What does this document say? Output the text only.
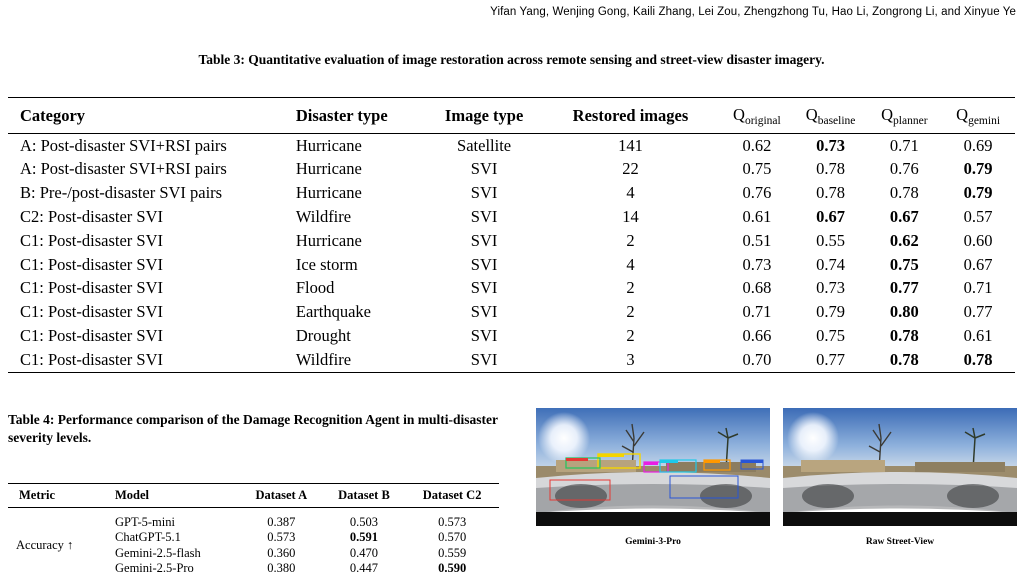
Yifan Yang, Wenjing Gong, Kaili Zhang, Lei Zou, Zhengzhong Tu, Hao Li, Zongrong Li, and Xinyue Ye
Table 3: Quantitative evaluation of image restoration across remote sensing and street-view disaster imagery.
Category	Disaster type	Image type	Restored images	$Q_{original}$	$Q_{baseline}$	$Q_{planner}$	$Q_{gemini}$
A: Post-disaster SVI+RSI pairs	Hurricane	Satellite	141	0.62	0.73	0.71	0.69
A: Post-disaster SVI+RSI pairs	Hurricane	SVI	22	0.75	0.78	0.76	0.79
B: Pre-/post-disaster SVI pairs	Hurricane	SVI	4	0.76	0.78	0.78	0.79
C2: Post-disaster SVI	Wildfire	SVI	14	0.61	0.67	0.67	0.57
C1: Post-disaster SVI	Hurricane	SVI	2	0.51	0.55	0.62	0.60
C1: Post-disaster SVI	Ice storm	SVI	4	0.73	0.74	0.75	0.67
C1: Post-disaster SVI	Flood	SVI	2	0.68	0.73	0.77	0.71
C1: Post-disaster SVI	Earthquake	SVI	2	0.71	0.79	0.80	0.77
C1: Post-disaster SVI	Drought	SVI	2	0.66	0.75	0.78	0.61
C1: Post-disaster SVI	Wildfire	SVI	3	0.70	0.77	0.78	0.78
Table 4: Performance comparison of the Damage Recognition Agent in multi-disaster severity levels.
Metric	Model	Dataset A	Dataset B	Dataset C2

Accuracy ↑	GPT-5-mini	0.387	0.503	0.573
	ChatGPT-5.1	0.573	0.591	0.570
	Gemini-2.5-flash	0.360	0.470	0.559
	Gemini-2.5-Pro	0.380	0.447	0.590
Gemini-3-Pro	Raw Street-View
